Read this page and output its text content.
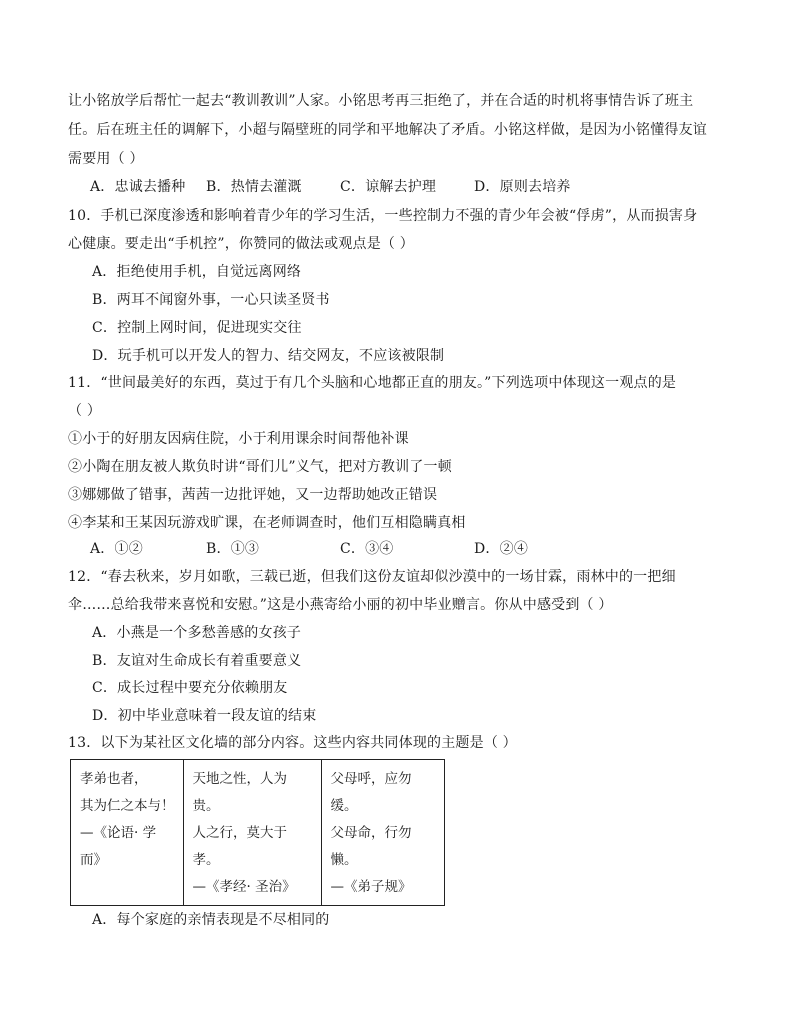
让小铭放学后帮忙一起去“教训教训”人家。小铭思考再三拒绝了，并在合适的时机将事情告诉了班主
任。后在班主任的调解下，小超与隔壁班的同学和平地解决了矛盾。小铭这样做，是因为小铭懂得友谊
需要用（ ）
A．忠诚去播种 B．热情去灌溉	C．谅解去护理	D．原则去培养
10．手机已深度渗透和影响着青少年的学习生活，一些控制力不强的青少年会被“俘虏”，从而损害身
心健康。要走出“手机控”，你赞同的做法或观点是（ ）
A．拒绝使用手机，自觉远离网络
B．两耳不闻窗外事，一心只读圣贤书
C．控制上网时间，促进现实交往
D．玩手机可以开发人的智力、结交网友，不应该被限制
11．“世间最美好的东西，莫过于有几个头脑和心地都正直的朋友。”下列选项中体现这一观点的是
（ ）
①小于的好朋友因病住院，小于利用课余时间帮他补课
②小陶在朋友被人欺负时讲“哥们儿”义气，把对方教训了一顿
③娜娜做了错事，茜茜一边批评她，又一边帮助她改正错误
④李某和王某因玩游戏旷课，在老师调查时，他们互相隐瞒真相
A．①②	B．①③	C．③④	D．②④
12．“春去秋来，岁月如歌，三载已逝，但我们这份友谊却似沙漠中的一场甘霖，雨林中的一把细
伞……总给我带来喜悦和安慰。”这是小燕寄给小丽的初中毕业赠言。你从中感受到（ ）
A．小燕是一个多愁善感的女孩子
B．友谊对生命成长有着重要意义
C．成长过程中要充分依赖朋友
D．初中毕业意味着一段友谊的结束
13．以下为某社区文化墙的部分内容。这些内容共同体现的主题是（ ）
孝弟也者，
其为仁之本与！
—《论语· 学
而》

天地之性，人为
贵。
人之行，莫大于
孝。
—《孝经· 圣治》

父母呼，应勿
缓。
父母命，行勿
懒。
—《弟子规》
A．每个家庭的亲情表现是不尽相同的
